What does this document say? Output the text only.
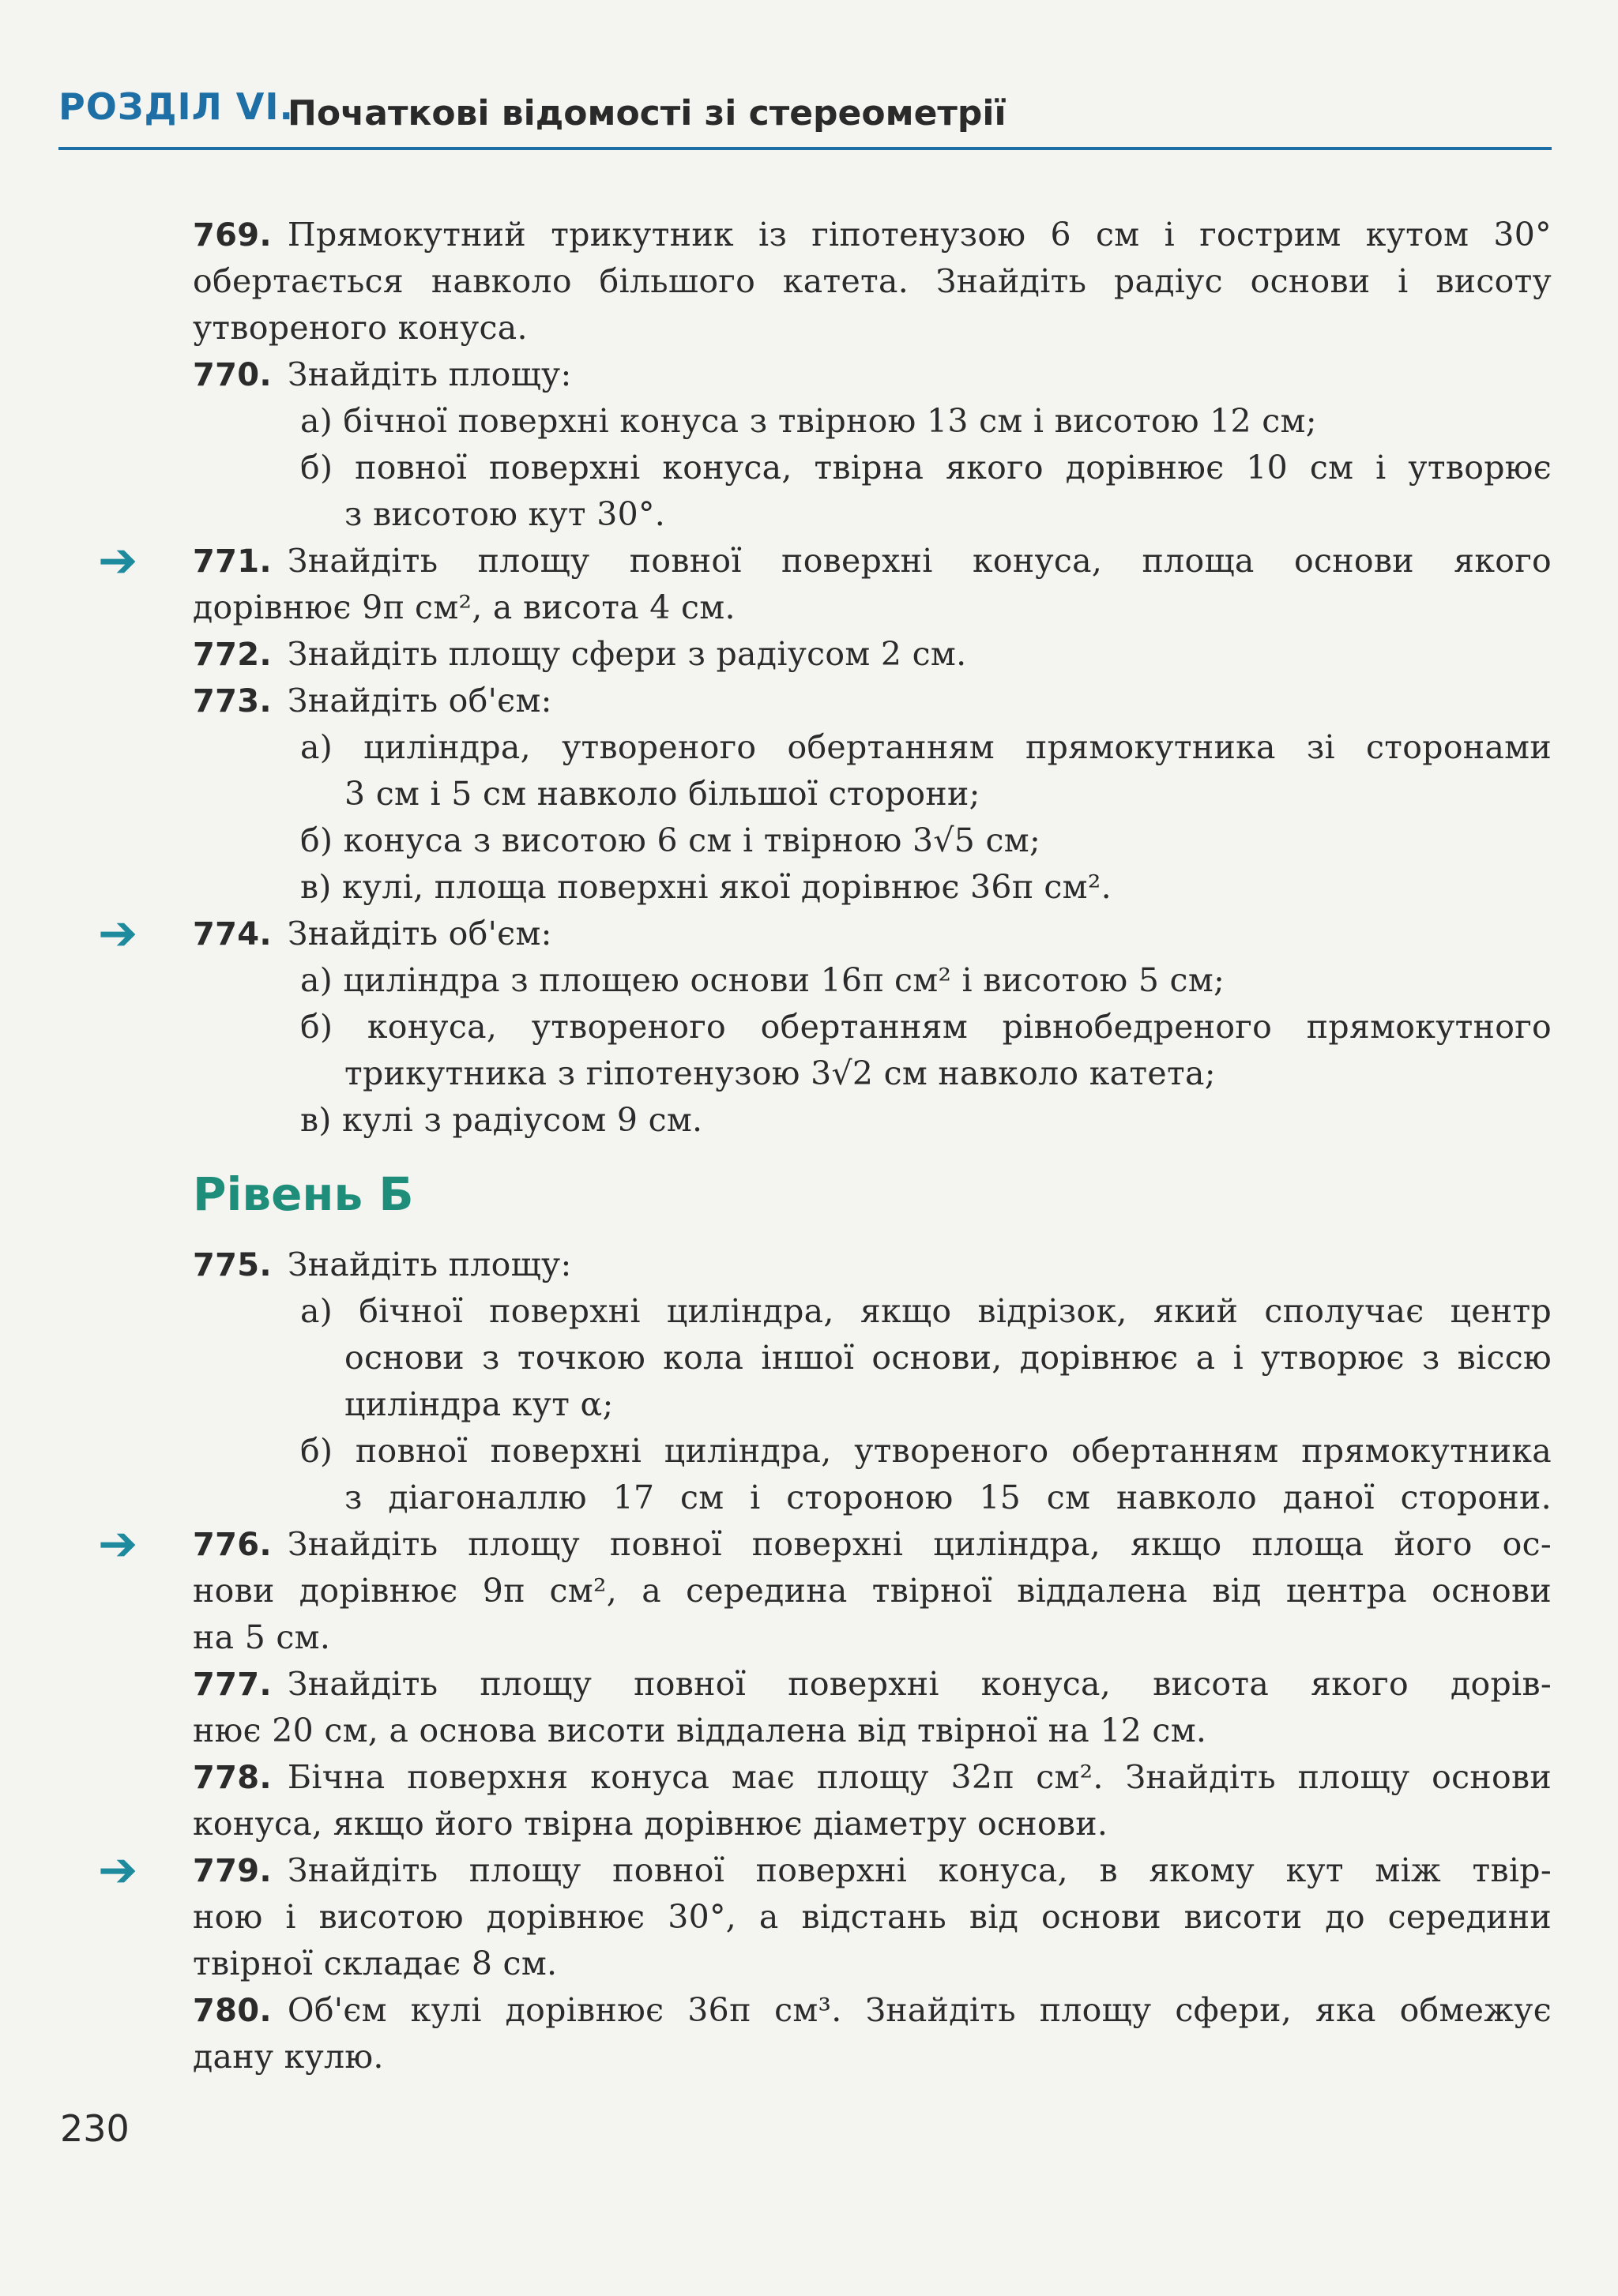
РОЗДІЛ VI.
Початкові відомості зі стереометрії
769. Прямокутний трикутник із гіпотенузою 6 см і гострим кутом 30°
обертається навколо більшого катета. Знайдіть радіус основи і висоту
утвореного конуса.
770. Знайдіть площу:
а) бічної поверхні конуса з твірною 13 см і висотою 12 см;
б) повної поверхні конуса, твірна якого дорівнює 10 см і утворює
з висотою кут 30°.
➔ 771. Знайдіть площу повної поверхні конуса, площа основи якого
дорівнює 9π см², а висота 4 см.
772. Знайдіть площу сфери з радіусом 2 см.
773. Знайдіть об'єм:
а) циліндра, утвореного обертанням прямокутника зі сторонами
3 см і 5 см навколо більшої сторони;
б) конуса з висотою 6 см і твірною 3√5 см;
в) кулі, площа поверхні якої дорівнює 36π см².
➔ 774. Знайдіть об'єм:
а) циліндра з площею основи 16π см² і висотою 5 см;
б) конуса, утвореного обертанням рівнобедреного прямокутного
трикутника з гіпотенузою 3√2 см навколо катета;
в) кулі з радіусом 9 см.
Рівень Б
775. Знайдіть площу:
а) бічної поверхні циліндра, якщо відрізок, який сполучає центр
основи з точкою кола іншої основи, дорівнює a і утворює з віссю
циліндра кут α;
б) повної поверхні циліндра, утвореного обертанням прямокутника
з діагоналлю 17 см і стороною 15 см навколо даної сторони.
➔ 776. Знайдіть площу повної поверхні циліндра, якщо площа його ос-
нови дорівнює 9π см², а середина твірної віддалена від центра основи
на 5 см.
777. Знайдіть площу повної поверхні конуса, висота якого дорів-
нює 20 см, а основа висоти віддалена від твірної на 12 см.
778. Бічна поверхня конуса має площу 32π см². Знайдіть площу основи
конуса, якщо його твірна дорівнює діаметру основи.
➔ 779. Знайдіть площу повної поверхні конуса, в якому кут між твір-
ною і висотою дорівнює 30°, а відстань від основи висоти до середини
твірної складає 8 см.
780. Об'єм кулі дорівнює 36π см³. Знайдіть площу сфери, яка обмежує
дану кулю.
230
